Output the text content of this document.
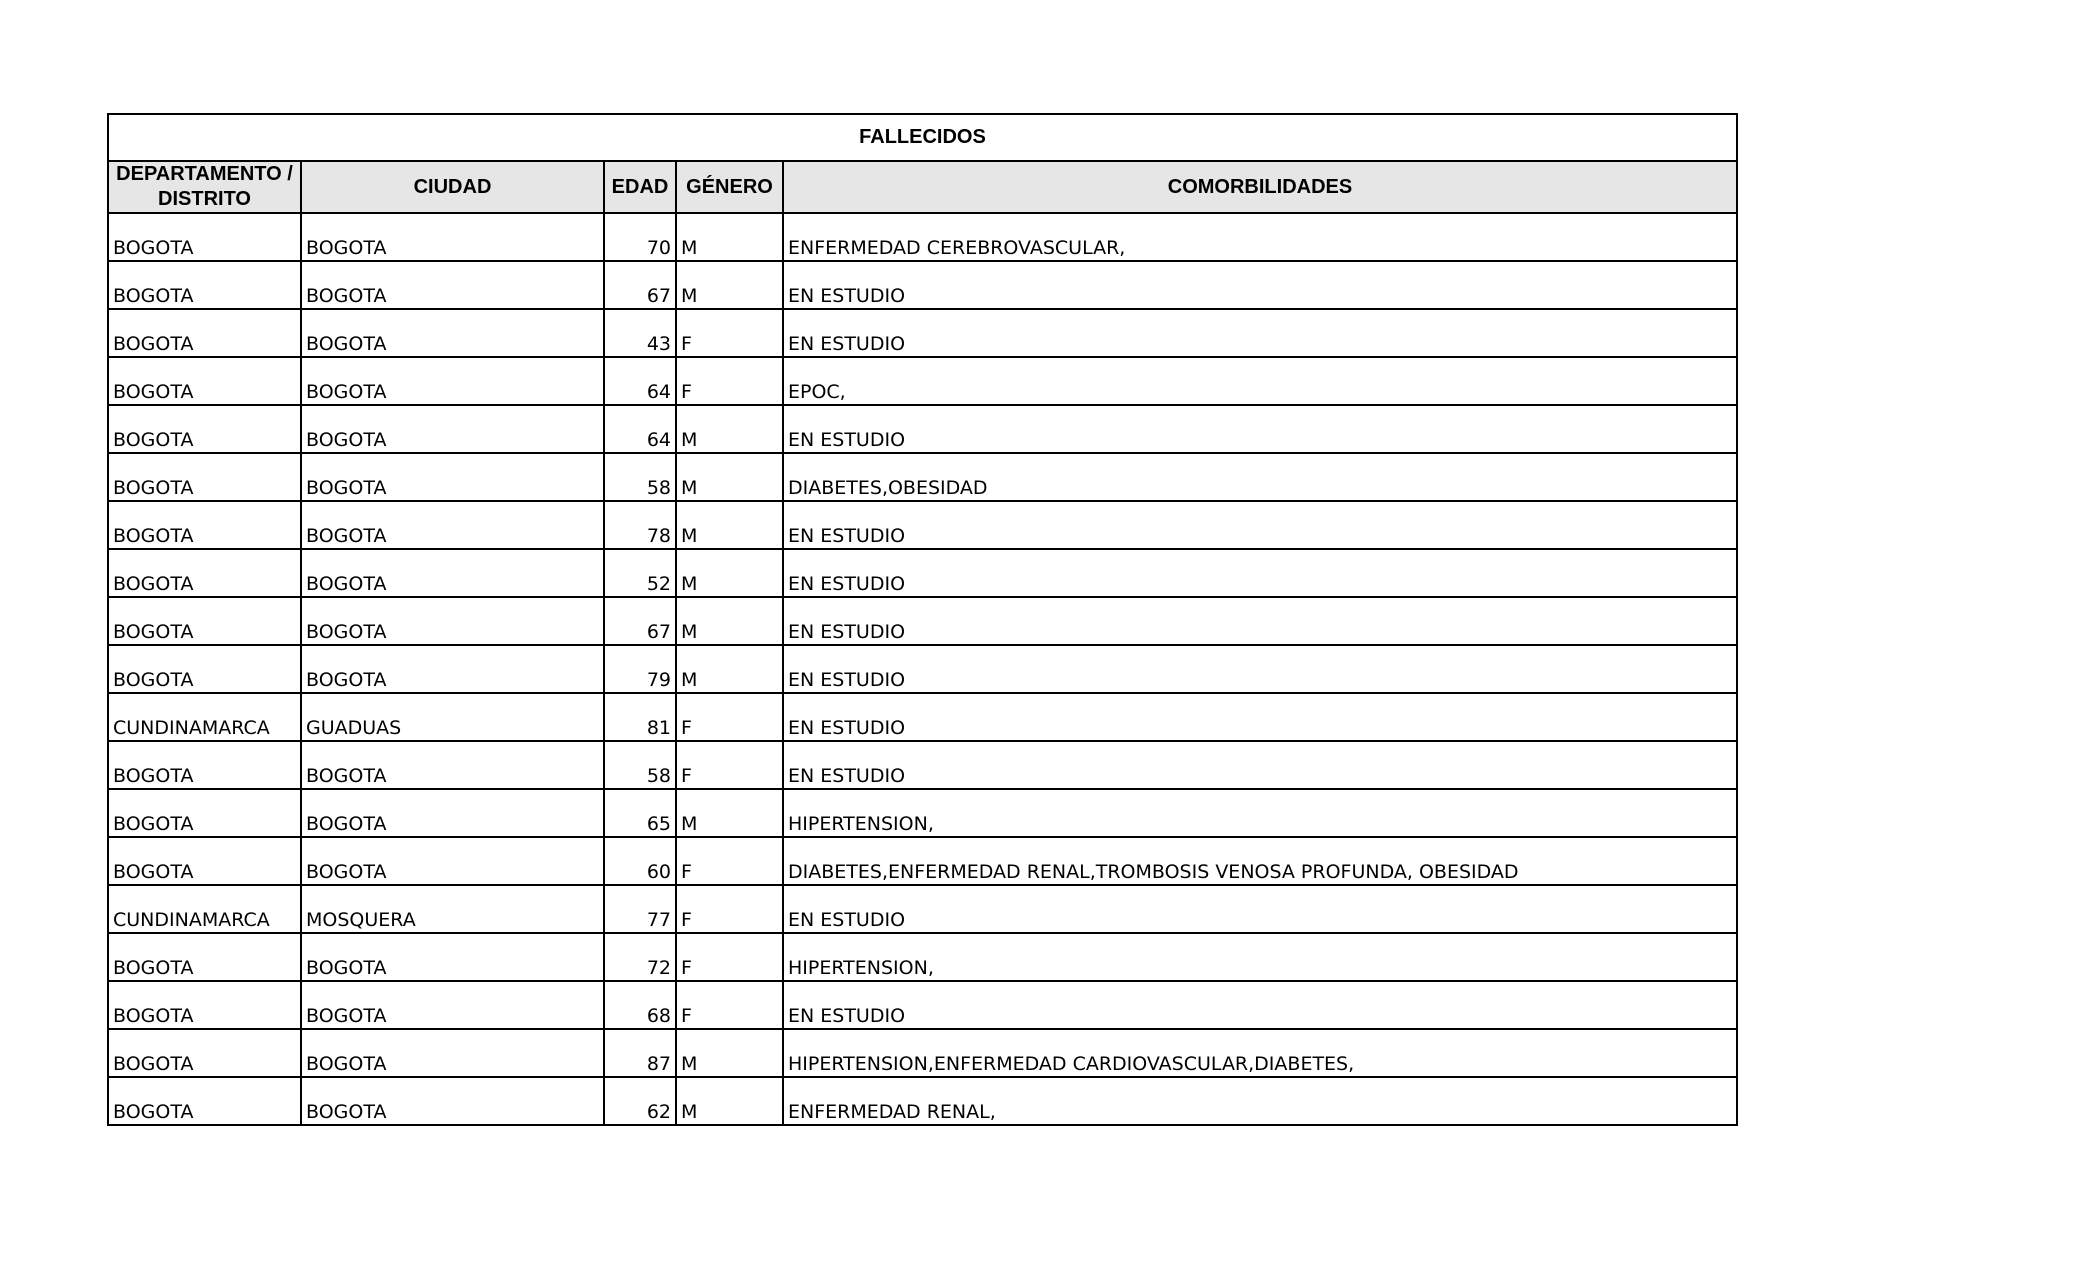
FALLECIDOS				
DEPARTAMENTO / DISTRITO	CIUDAD	EDAD	GÉNERO	COMORBILIDADES
BOGOTA	BOGOTA	70	M	ENFERMEDAD CEREBROVASCULAR,
BOGOTA	BOGOTA	67	M	EN ESTUDIO
BOGOTA	BOGOTA	43	F	EN ESTUDIO
BOGOTA	BOGOTA	64	F	EPOC,
BOGOTA	BOGOTA	64	M	EN ESTUDIO
BOGOTA	BOGOTA	58	M	DIABETES,OBESIDAD
BOGOTA	BOGOTA	78	M	EN ESTUDIO
BOGOTA	BOGOTA	52	M	EN ESTUDIO
BOGOTA	BOGOTA	67	M	EN ESTUDIO
BOGOTA	BOGOTA	79	M	EN ESTUDIO
CUNDINAMARCA	GUADUAS	81	F	EN ESTUDIO
BOGOTA	BOGOTA	58	F	EN ESTUDIO
BOGOTA	BOGOTA	65	M	HIPERTENSION,
BOGOTA	BOGOTA	60	F	DIABETES,ENFERMEDAD RENAL,TROMBOSIS VENOSA PROFUNDA, OBESIDAD
CUNDINAMARCA	MOSQUERA	77	F	EN ESTUDIO
BOGOTA	BOGOTA	72	F	HIPERTENSION,
BOGOTA	BOGOTA	68	F	EN ESTUDIO
BOGOTA	BOGOTA	87	M	HIPERTENSION,ENFERMEDAD CARDIOVASCULAR,DIABETES,
BOGOTA	BOGOTA	62	M	ENFERMEDAD RENAL,
